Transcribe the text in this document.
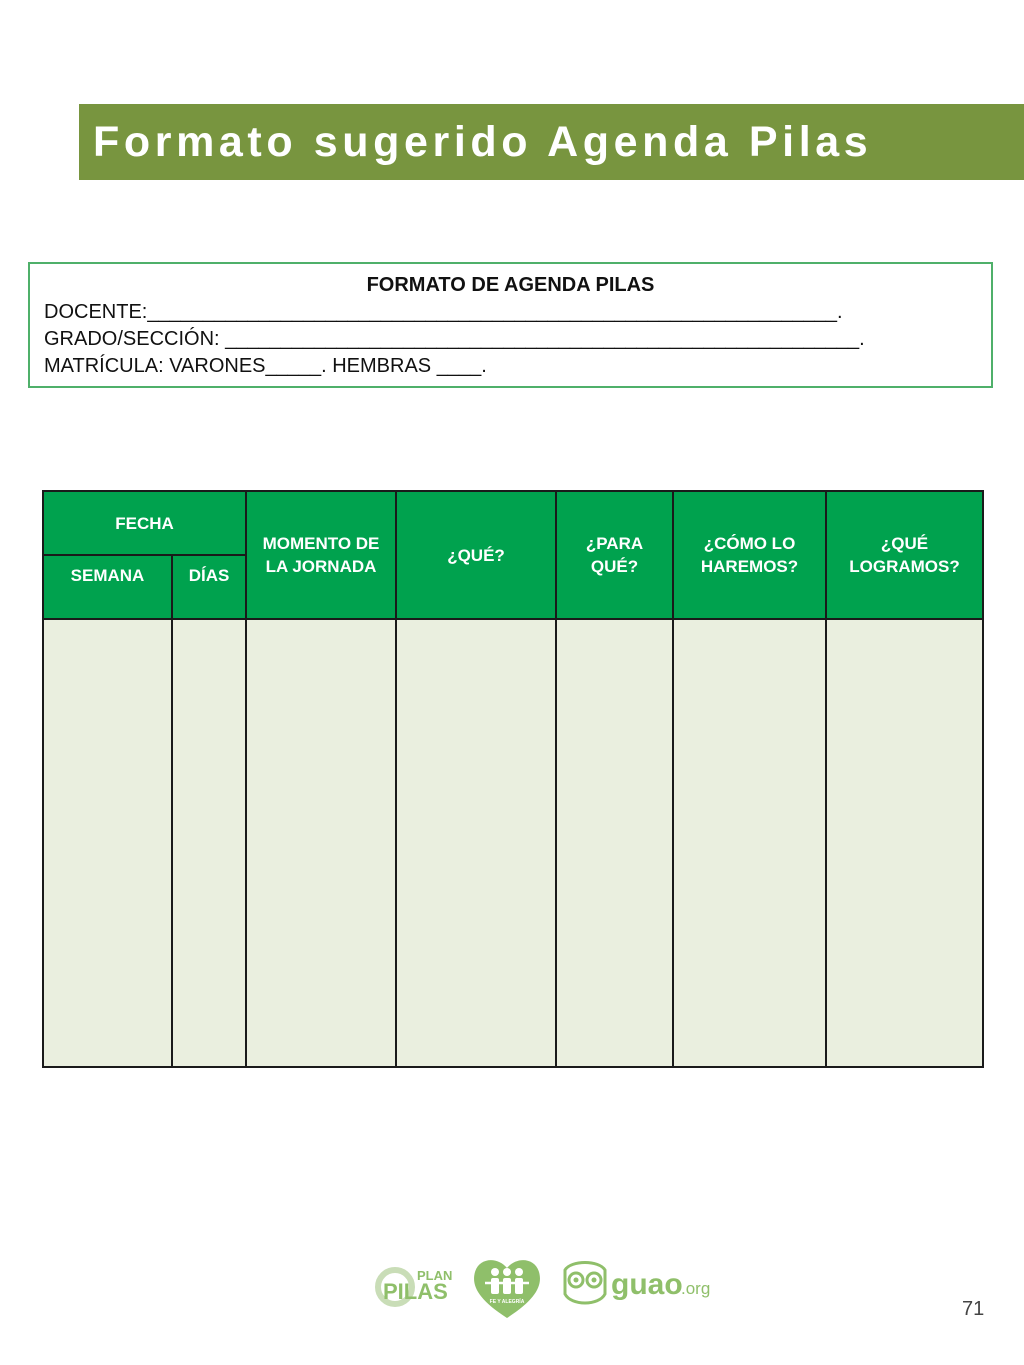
Formato sugerido Agenda Pilas
FORMATO DE AGENDA PILAS
DOCENTE:______________________________________________________________.
GRADO/SECCIÓN: _________________________________________________________.
MATRÍCULA: VARONES_____. HEMBRAS ____.
FECHA		MOMENTO DE LA JORNADA	¿QUÉ?	¿PARA QUÉ?	¿CÓMO LO HAREMOS?	¿QUÉ LOGRAMOS?
SEMANA	DÍAS					

PLAN
PILAS	FE Y ALEGRÍA
guao
.org
71
